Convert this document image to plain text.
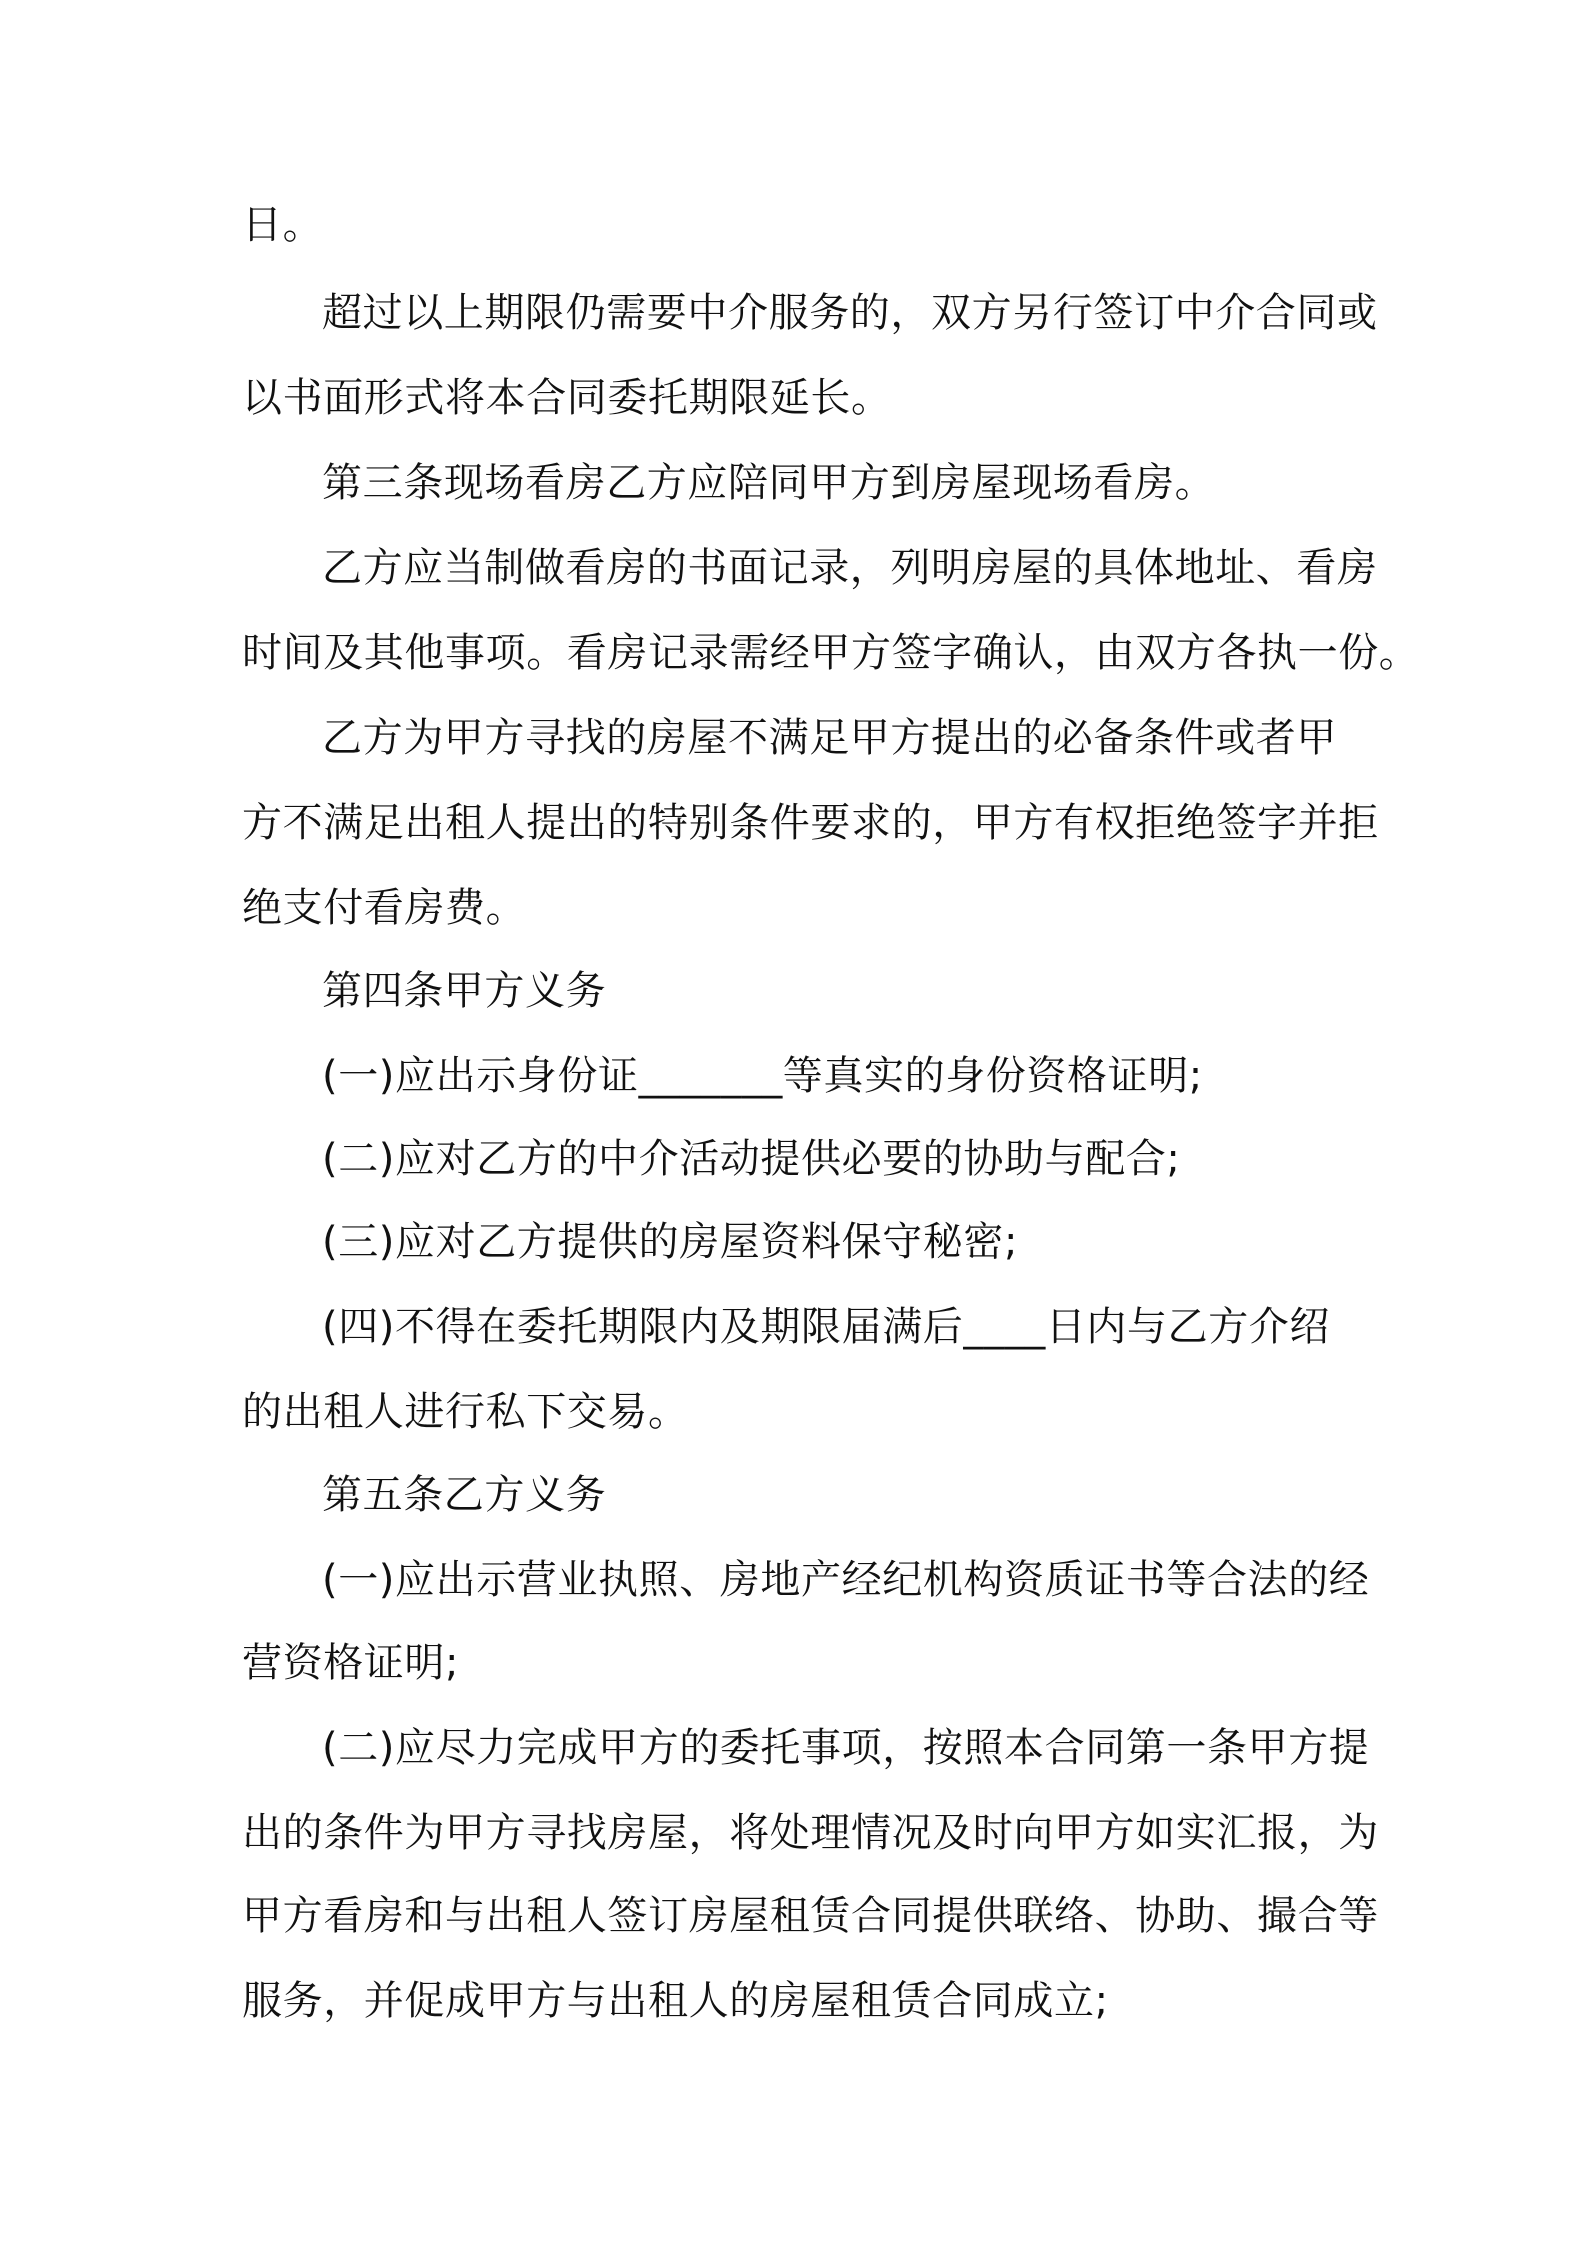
日。
超过以上期限仍需要中介服务的，双方另行签订中介合同或
以书面形式将本合同委托期限延长。
第三条现场看房乙方应陪同甲方到房屋现场看房。
乙方应当制做看房的书面记录，列明房屋的具体地址、看房
时间及其他事项。看房记录需经甲方签字确认，由双方各执一份。
乙方为甲方寻找的房屋不满足甲方提出的必备条件或者甲
方不满足出租人提出的特别条件要求的，甲方有权拒绝签字并拒
绝支付看房费。
第四条甲方义务
(一)应出示身份证_______等真实的身份资格证明;
(二)应对乙方的中介活动提供必要的协助与配合;
(三)应对乙方提供的房屋资料保守秘密;
(四)不得在委托期限内及期限届满后____日内与乙方介绍
的出租人进行私下交易。
第五条乙方义务
(一)应出示营业执照、房地产经纪机构资质证书等合法的经
营资格证明;
(二)应尽力完成甲方的委托事项，按照本合同第一条甲方提
出的条件为甲方寻找房屋，将处理情况及时向甲方如实汇报，为
甲方看房和与出租人签订房屋租赁合同提供联络、协助、撮合等
服务，并促成甲方与出租人的房屋租赁合同成立;
